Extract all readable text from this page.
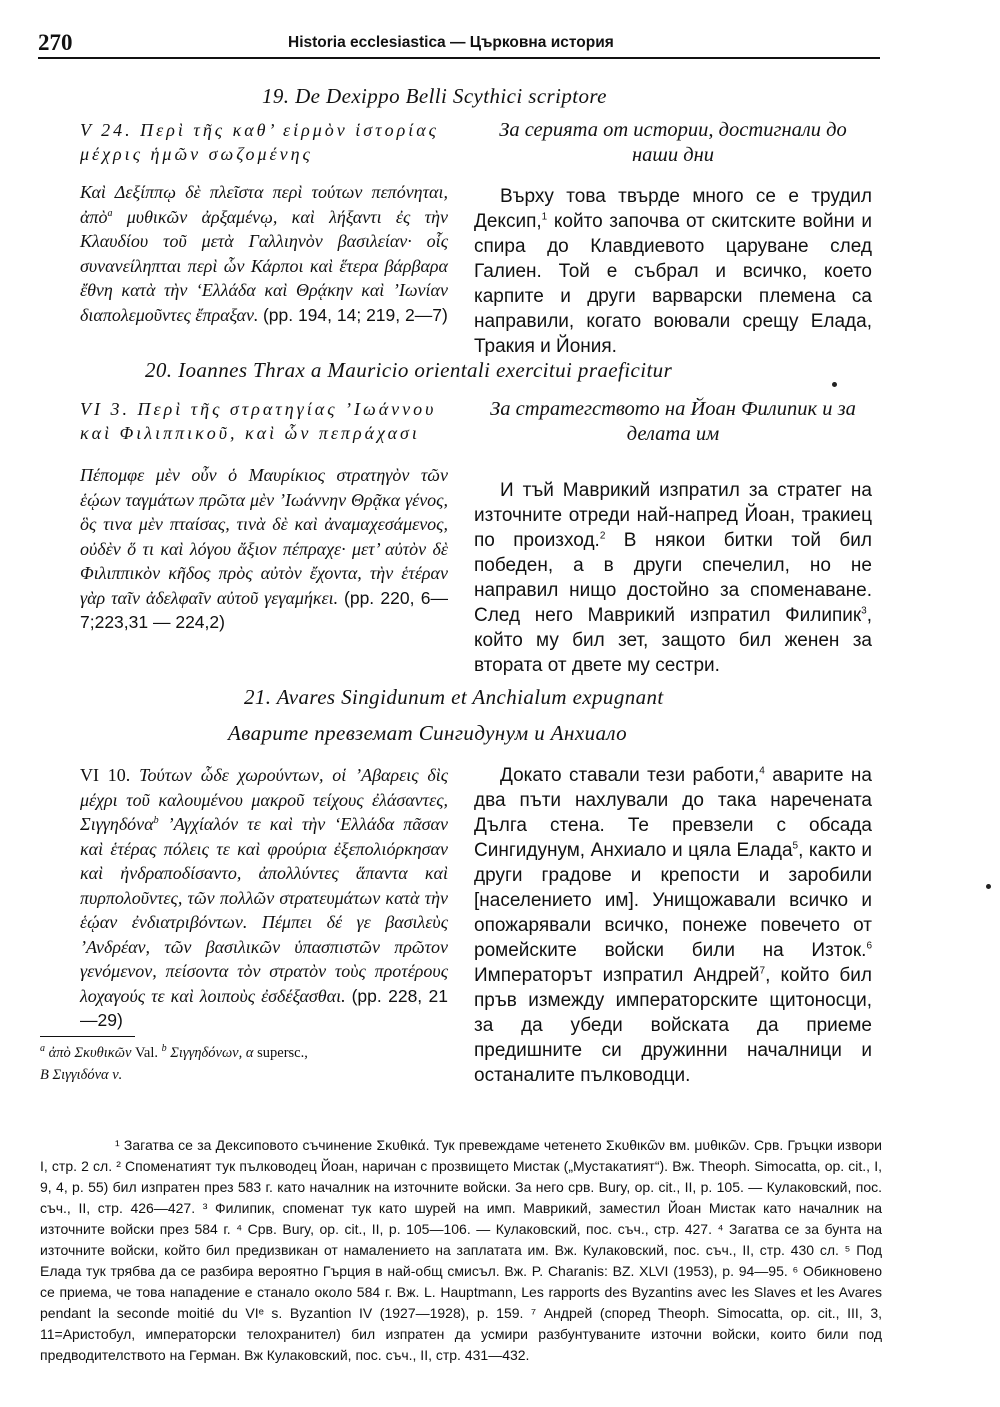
270	Historia ecclesiastica — Църковна история
19. De Dexippo Belli Scythici scriptore
V 24. Περὶ τῆς καθ’ εἱρμὸν ἱστορίας μέχρις ἡμῶν σωζομένης
Καὶ Δεξίππῳ δὲ πλεῖστα περὶ τούτων πεπόνηται, ἀπὸ$^a$ μυθικῶν ἀρξαμένῳ, καὶ λήξαντι ἐς τὴν Κλαυδίου τοῦ μετὰ Γαλλιηνὸν βασιλείαν· οἷς συνανείληπται περὶ ὧν Κάρποι καὶ ἕτερα βάρβαρα ἔθνη κατὰ τὴν ‘Ελλάδα καὶ Θρᾴκην καὶ ’Ιωνίαν διαπολεμοῦντες ἔπραξαν. (pp. 194, 14; 219, 2—7)
За серията от истории, достигнали до наши дни
Върху това твърде много се е трудил Дексип,$^1$ който започва от скитските войни и спира до Клавдиевото царуване след Галиен. Той е събрал и всичко, което карпите и други варварски племена са направили, когато воювали срещу Елада, Тракия и Йония.
20. Ioannes Thrax a Mauricio orientali exercitui praeficitur
VI 3. Περὶ τῆς στρατηγίας ’Ιωάννου καὶ Φιλιππικοῦ, καὶ ὧν πεπράχασι
Πέπομφε μὲν οὖν ὁ Μαυρίκιος στρατηγὸν τῶν ἑῴων ταγμάτων πρῶτα μὲν ’Ιωάννην Θρᾷκα γένος, ὃς τινα μὲν πταίσας, τινὰ δὲ καὶ ἀναμαχεσάμενος, οὐδὲν ὅ τι καὶ λόγου ἄξιον πέπραχε· μετ’ αὐτὸν δὲ Φιλιππικὸν κῆδος πρὸς αὐτὸν ἔχοντα, τὴν ἑτέραν γὰρ ταῖν ἀδελφαῖν αὐτοῦ γεγαμήκει. (pp. 220, 6—7;223,31 — 224,2)
За стратегството на Йоан Филипик и за делата им
И тъй Маврикий изпратил за стратег на източните отреди най-напред Йоан, тракиец по произход.$^2$ В някои битки той бил победен, а в други спечелил, но не направил нищо достойно за споменаване. След него Маврикий изпратил Филипик$^3$, който му бил зет, защото бил женен за втората от двете му сестри.
21. Avares Singidunum et Anchialum expugnant
Аварите превземат Сингидунум и Анхиало
VI 10. Τούτων ὧδε χωρούντων, οἱ ’Αβαρεις δὶς μέχρι τοῦ καλουμένου μακροῦ τείχους ἐλάσαντες, Σιγγηδόνα$^b$ ’Αγχίαλόν τε καὶ τὴν ‘Ελλάδα πᾶσαν καὶ ἑτέρας πόλεις τε καὶ φρούρια ἐξεπολιόρκησαν καὶ ἠνδραποδίσαντο, ἀπολλύντες ἅπαντα καὶ πυρπολοῦντες, τῶν πολλῶν στρατευμάτων κατὰ τὴν ἑῴαν ἐνδιατριβόντων. Πέμπει δέ γε βασιλεὺς ’Ανδρέαν, τῶν βασιλικῶν ὑπασπιστῶν πρῶτον γενόμενον, πείσοντα τὸν στρατὸν τοὺς προτέρους λοχαγούς τε καὶ λοιποὺς ἐσδέξασθαι. (pp. 228, 21—29)
Докато ставали тези работи,$^4$ аварите на два пъти нахлували до така наречената Дълга стена. Те превзели с обсада Сингидунум, Анхиало и цяла Елада$^5$, както и други градове и крепости и заробили [населението им]. Унищожавали всичко и опожарявали всичко, понеже повечето от ромейските войски били на Изток.$^6$ Императорът изпратил Андрей$^7$, който бил пръв измежду императорските щитоносци, за да убеди войската да приеме предишните си дружинни началници и останалите пълководци.
$^a$ ἀπὸ Σκυθικῶν Val. $^b$ Σιγγηδόνων, α supersc.,
Β Σιγγιδόνα ν.
¹ Загатва се за Дексиповото съчинение Σκυθικά. Тук превеждаме четенето Σκυθικῶν вм. μυθικῶν. Срв. Гръцки извори I, стр. 2 сл. ² Споменатият тук пълководец Йоан, наричан с прозвището Мистак („Мустакатият“). Вж. Theoph. Simocatta, op. cit., I, 9, 4, p. 55) бил изпратен през 583 г. като началник на източните войски. За него срв. Bury, op. cit., II, p. 105. — Кулаковский, пос. съч., II, стр. 426—427. ³ Филипик, споменат тук като шурей на имп. Маврикий, заместил Йоан Мистак като началник на източните войски през 584 г. ⁴ Срв. Bury, op. cit., II, p. 105—106. — Кулаковский, пос. съч., стр. 427. ⁴ Загатва се за бунта на източните войски, който бил предизвикан от намалението на заплатата им. Вж. Кулаковский, пос. съч., II, стр. 430 сл. ⁵ Под Елада тук трябва да се разбира вероятно Гърция в най-общ смисъл. Вж. P. Charanis: BZ. XLVI (1953), p. 94—95. ⁶ Обикновено се приема, че това нападение е станало около 584 г. Вж. L. Hauptmann, Les rapports des Byzantins avec les Slaves et les Avares pendant la seconde moitié du VIᵉ s. Byzantion IV (1927—1928), p. 159. ⁷ Андрей (според Theoph. Simocatta, op. cit., III, 3, 11=Аристобул, императорски телохранител) бил изпратен да усмири разбунтуваните източни войски, които били под предводителството на Герман. Вж Кулаковский, пос. съч., II, стр. 431—432.
